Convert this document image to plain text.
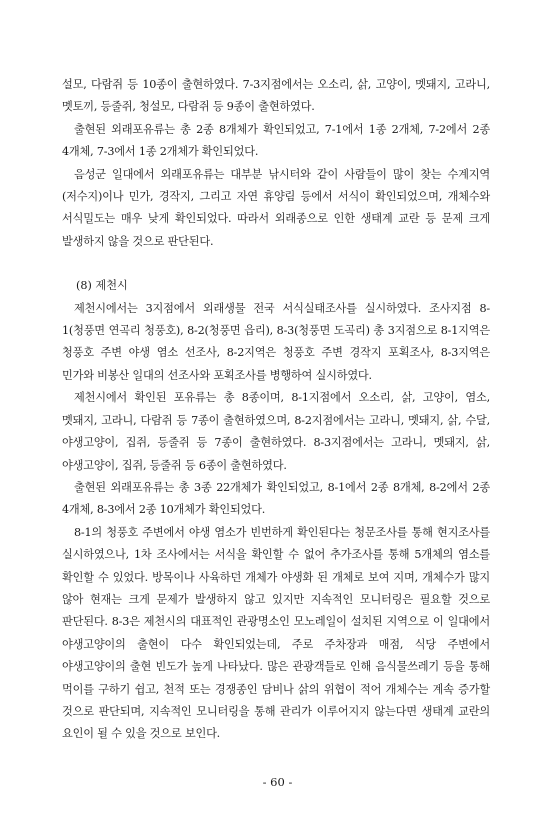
설모, 다람쥐 등 10종이 출현하였다. 7-3지점에서는 오소리, 삵, 고양이, 멧돼지, 고라니, 멧토끼, 등줄쥐, 청설모, 다람쥐 등 9종이 출현하였다.

출현된 외래포유류는 총 2종 8개체가 확인되었고, 7-1에서 1종 2개체, 7-2에서 2종 4개체, 7-3에서 1종 2개체가 확인되었다.

음성군 일대에서 외래포유류는 대부분 낚시터와 같이 사람들이 많이 찾는 수계지역(저수지)이나 민가, 경작지, 그리고 자연 휴양림 등에서 서식이 확인되었으며, 개체수와 서식밀도는 매우 낮게 확인되었다. 따라서 외래종으로 인한 생태계 교란 등 문제 크게 발생하지 않을 것으로 판단된다.

(8) 제천시

제천시에서는 3지점에서 외래생물 전국 서식실태조사를 실시하였다. 조사지점 8-1(청풍면 연곡리 청풍호), 8-2(청풍면 읍리), 8-3(청풍면 도곡리) 총 3지점으로 8-1지역은 청풍호 주변 야생 염소 선조사, 8-2지역은 청풍호 주변 경작지 포획조사, 8-3지역은 민가와 비봉산 일대의 선조사와 포획조사를 병행하여 실시하였다.

제천시에서 확인된 포유류는 총 8종이며, 8-1지점에서 오소리, 삵, 고양이, 염소, 멧돼지, 고라니, 다람쥐 등 7종이 출현하였으며, 8-2지점에서는 고라니, 멧돼지, 삵, 수달, 야생고양이, 집쥐, 등줄쥐 등 7종이 출현하였다. 8-3지점에서는 고라니, 멧돼지, 삵, 야생고양이, 집쥐, 등줄쥐 등 6종이 출현하였다.

출현된 외래포유류는 총 3종 22개체가 확인되었고, 8-1에서 2종 8개체, 8-2에서 2종 4개체, 8-3에서 2종 10개체가 확인되었다.

8-1의 청풍호 주변에서 야생 염소가 빈번하게 확인된다는 청문조사를 통해 현지조사를 실시하였으나, 1차 조사에서는 서식을 확인할 수 없어 추가조사를 통해 5개체의 염소를 확인할 수 있었다. 방목이나 사육하던 개체가 야생화 된 개체로 보여 지며, 개체수가 많지 않아 현재는 크게 문제가 발생하지 않고 있지만 지속적인 모니터링은 필요할 것으로 판단된다. 8-3은 제천시의 대표적인 관광명소인 모노레일이 설치된 지역으로 이 일대에서 야생고양이의 출현이 다수 확인되었는데, 주로 주차장과 매점, 식당 주변에서 야생고양이의 출현 빈도가 높게 나타났다. 많은 관광객들로 인해 음식물쓰레기 등을 통해 먹이를 구하기 쉽고, 천적 또는 경쟁종인 담비나 삵의 위협이 적어 개체수는 계속 증가할 것으로 판단되며, 지속적인 모니터링을 통해 관리가 이루어지지 않는다면 생태계 교란의 요인이 될 수 있을 것으로 보인다.

- 60 -
